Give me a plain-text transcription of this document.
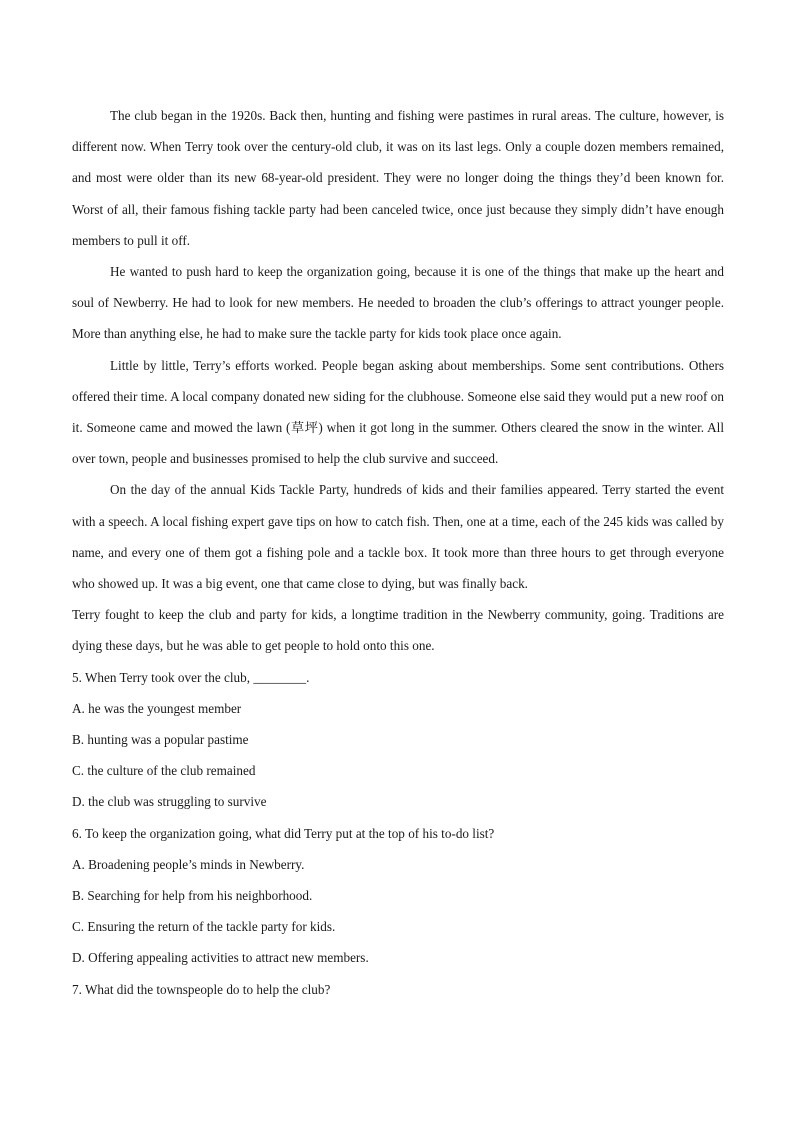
The club began in the 1920s. Back then, hunting and fishing were pastimes in rural areas. The culture, however, is different now. When Terry took over the century-old club, it was on its last legs. Only a couple dozen members remained, and most were older than its new 68-year-old president. They were no longer doing the things they’d been known for. Worst of all, their famous fishing tackle party had been canceled twice, once just because they simply didn’t have enough members to pull it off.

He wanted to push hard to keep the organization going, because it is one of the things that make up the heart and soul of Newberry. He had to look for new members. He needed to broaden the club’s offerings to attract younger people. More than anything else, he had to make sure the tackle party for kids took place once again.

Little by little, Terry’s efforts worked. People began asking about memberships. Some sent contributions. Others offered their time. A local company donated new siding for the clubhouse. Someone else said they would put a new roof on it. Someone came and mowed the lawn (草坪) when it got long in the summer. Others cleared the snow in the winter. All over town, people and businesses promised to help the club survive and succeed.

On the day of the annual Kids Tackle Party, hundreds of kids and their families appeared. Terry started the event with a speech. A local fishing expert gave tips on how to catch fish. Then, one at a time, each of the 245 kids was called by name, and every one of them got a fishing pole and a tackle box. It took more than three hours to get through everyone who showed up. It was a big event, one that came close to dying, but was finally back.

Terry fought to keep the club and party for kids, a longtime tradition in the Newberry community, going. Traditions are dying these days, but he was able to get people to hold onto this one.

5. When Terry took over the club, ________.

A. he was the youngest member

B. hunting was a popular pastime

C. the culture of the club remained

D. the club was struggling to survive

6. To keep the organization going, what did Terry put at the top of his to-do list?

A. Broadening people’s minds in Newberry.

B. Searching for help from his neighborhood.

C. Ensuring the return of the tackle party for kids.

D. Offering appealing activities to attract new members.

7. What did the townspeople do to help the club?
